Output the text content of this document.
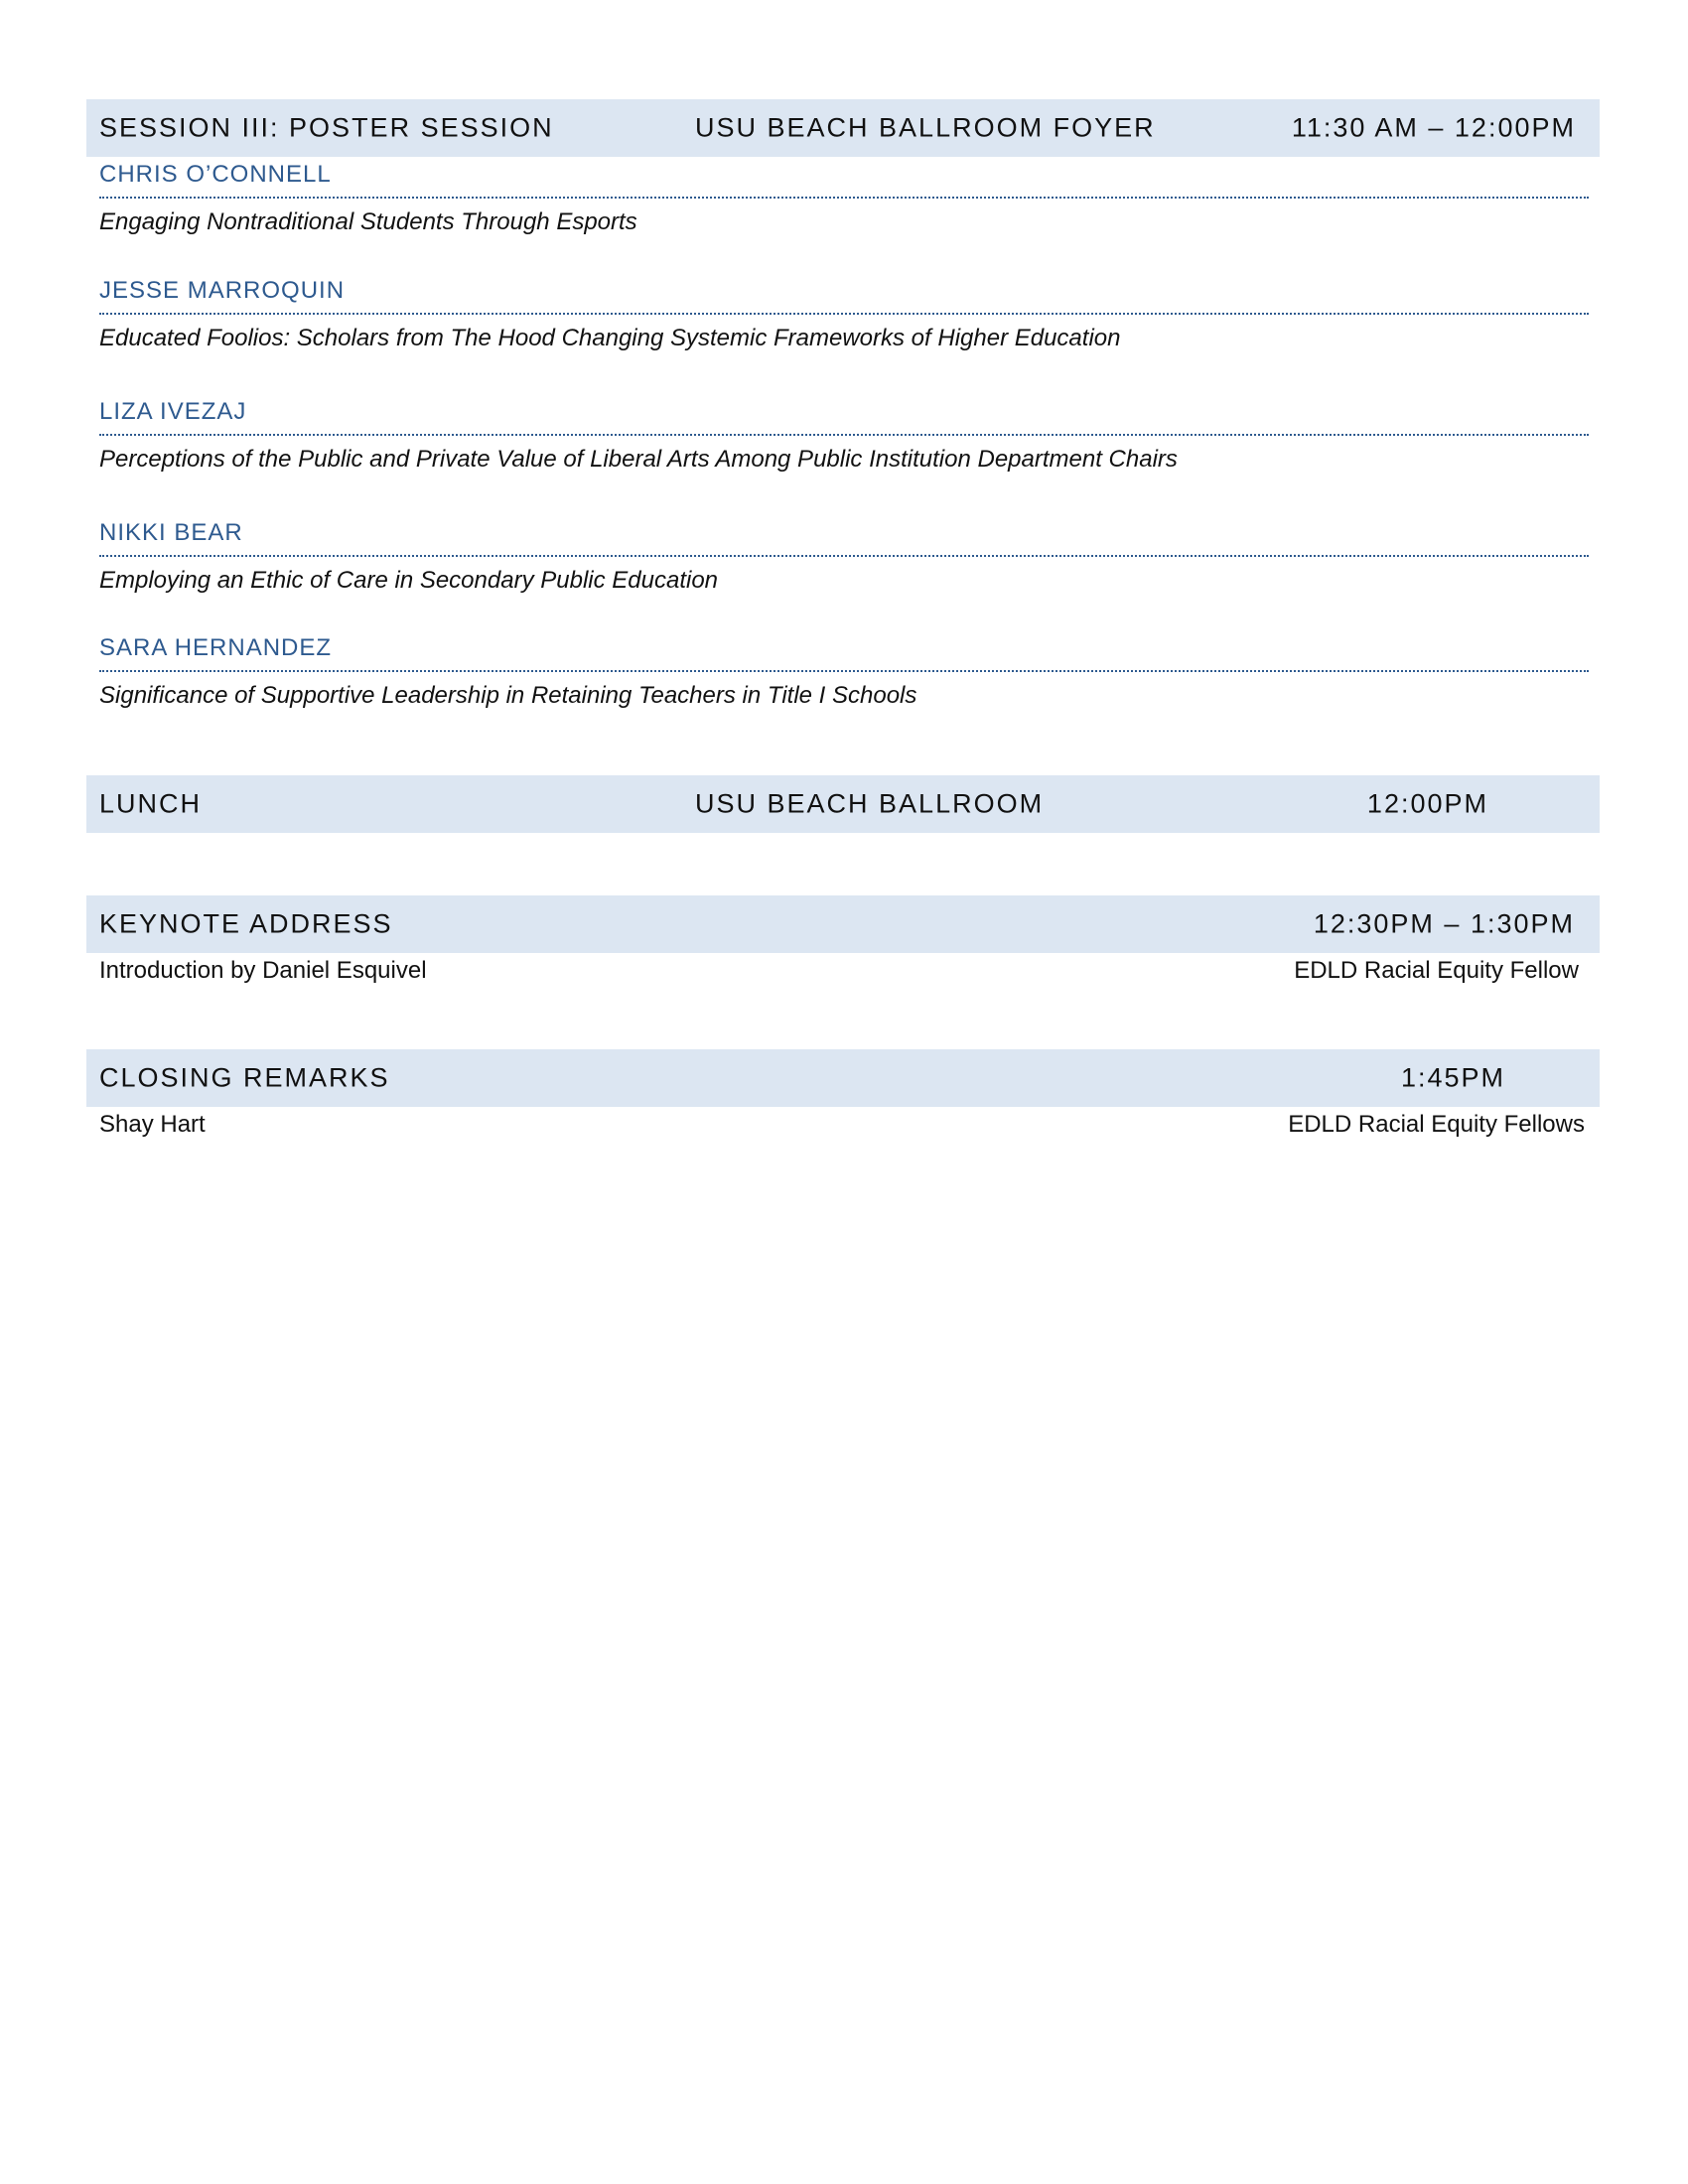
SESSION III: POSTER SESSION	USU BEACH BALLROOM FOYER	11:30 AM – 12:00PM
CHRIS O’CONNELL
Engaging Nontraditional Students Through Esports
JESSE MARROQUIN
Educated Foolios: Scholars from The Hood Changing Systemic Frameworks of Higher Education
LIZA IVEZAJ
Perceptions of the Public and Private Value of Liberal Arts Among Public Institution Department Chairs
NIKKI BEAR
Employing an Ethic of Care in Secondary Public Education
SARA HERNANDEZ
Significance of Supportive Leadership in Retaining Teachers in Title I Schools
LUNCH	USU BEACH BALLROOM	12:00PM
KEYNOTE ADDRESS	12:30PM – 1:30PM
Introduction by Daniel Esquivel	EDLD Racial Equity Fellow
CLOSING REMARKS	1:45PM
Shay Hart	EDLD Racial Equity Fellows
